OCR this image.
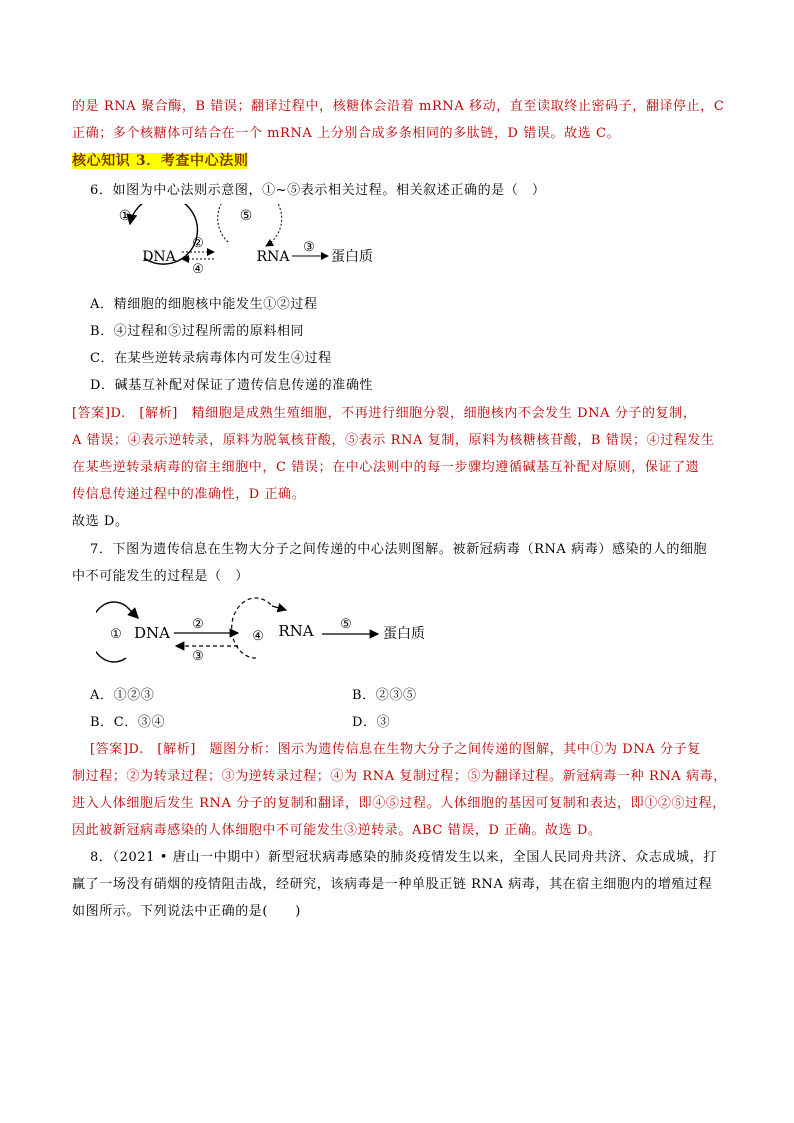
的是 RNA 聚合酶，B 错误；翻译过程中，核糖体会沿着 mRNA 移动，直至读取终止密码子，翻译停止，C
正确；多个核糖体可结合在一个 mRNA 上分别合成多条相同的多肽链，D 错误。故选 C。
核心知识 3．考查中心法则
6．如图为中心法则示意图，①~⑤表示相关过程。相关叙述正确的是（　）
①
DNA
②
④
⑤
RNA
③
蛋白质
A．精细胞的细胞核中能发生①②过程
B．④过程和⑤过程所需的原料相同
C．在某些逆转录病毒体内可发生④过程
D．碱基互补配对保证了遗传信息传递的准确性
[答案]D.　[解析]　精细胞是成熟生殖细胞，不再进行细胞分裂，细胞核内不会发生 DNA 分子的复制，
A 错误；④表示逆转录，原料为脱氧核苷酸，⑤表示 RNA 复制，原料为核糖核苷酸，B 错误；④过程发生
在某些逆转录病毒的宿主细胞中，C 错误；在中心法则中的每一步骤均遵循碱基互补配对原则，保证了遗
传信息传递过程中的准确性，D 正确。
故选 D。
7．下图为遗传信息在生物大分子之间传递的中心法则图解。被新冠病毒（RNA 病毒）感染的人的细胞
中不可能发生的过程是（　）
① DNA ②
③
④ RNA ⑤
蛋白质
A．①②③	B．②③⑤
B．C．③④	D．③
[答案]D.　[解析]　题图分析：图示为遗传信息在生物大分子之间传递的图解，其中①为 DNA 分子复
制过程；②为转录过程；③为逆转录过程；④为 RNA 复制过程；⑤为翻译过程。新冠病毒一种 RNA 病毒，
进入人体细胞后发生 RNA 分子的复制和翻译，即④⑤过程。人体细胞的基因可复制和表达，即①②⑤过程，
因此被新冠病毒感染的人体细胞中不可能发生③逆转录。ABC 错误，D 正确。故选 D。
8．（2021 • 唐山一中期中）新型冠状病毒感染的肺炎疫情发生以来，全国人民同舟共济、众志成城，打
赢了一场没有硝烟的疫情阻击战，经研究，该病毒是一种单股正链 RNA 病毒，其在宿主细胞内的增殖过程
如图所示。下列说法中正确的是(　　)
